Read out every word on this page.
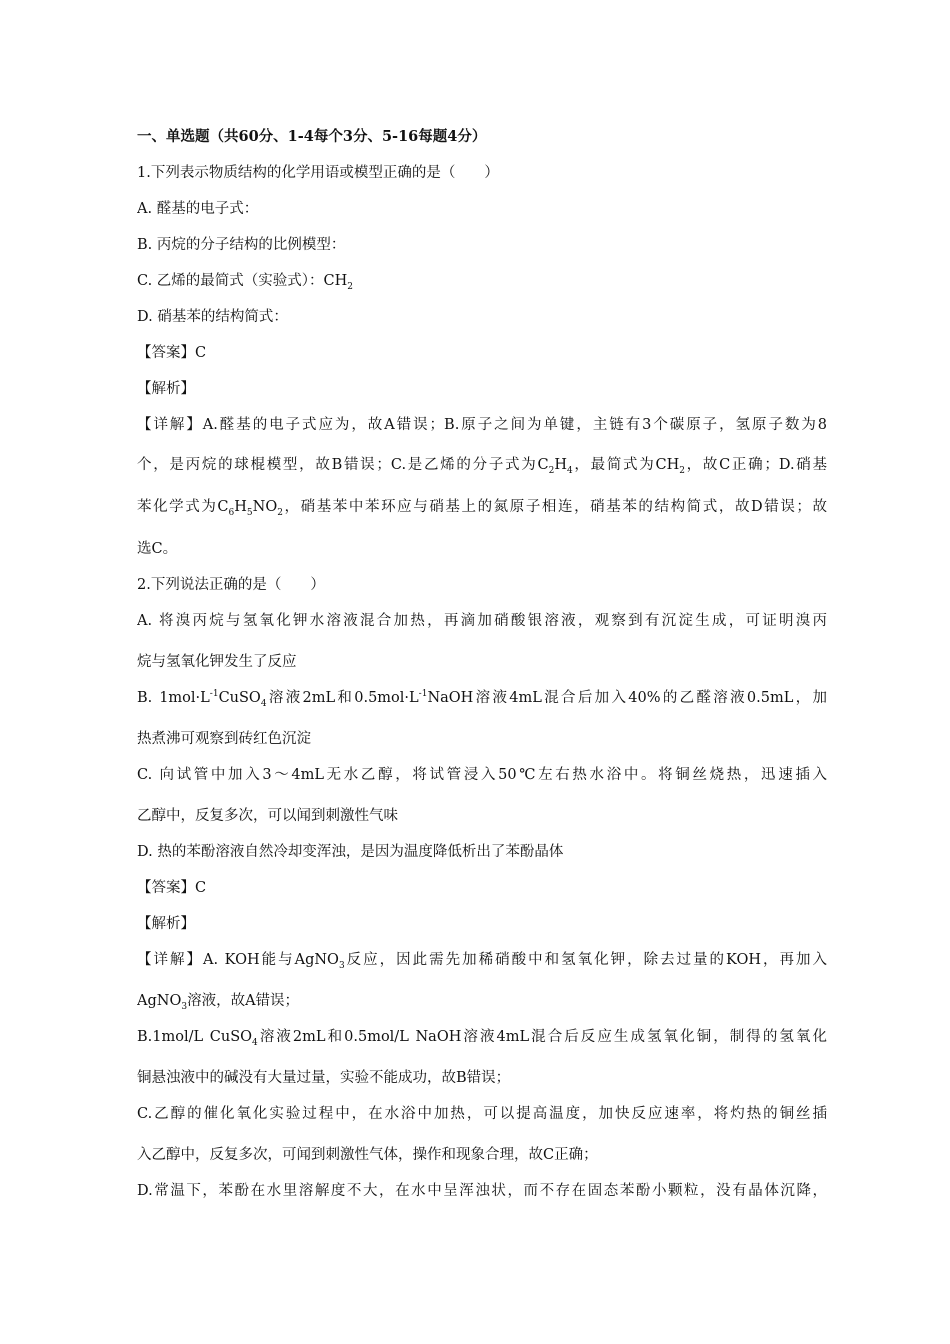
一、单选题（共60分、1-4每个3分、5-16每题4分）
1.下列表示物质结构的化学用语或模型正确的是（　　）
A. 醛基的电子式：
B. 丙烷的分子结构的比例模型：
C. 乙烯的最简式（实验式）：$CH_2$
D. 硝基苯的结构简式：
【答案】C
【解析】
【详解】A.醛基的电子式应为，故A错误；B.原子之间为单键，主链有3个碳原子，氢原子数为8
个，是丙烷的球棍模型，故B错误；C.是乙烯的分子式为$C_2H_4$，最简式为$CH_2$，故C正确；D.硝基
苯化学式为$C_6H_5NO_2$，硝基苯中苯环应与硝基上的氮原子相连，硝基苯的结构简式，故D错误；故
选C。
2.下列说法正确的是（　　）
A. 将溴丙烷与氢氧化钾水溶液混合加热，再滴加硝酸银溶液，观察到有沉淀生成，可证明溴丙
烷与氢氧化钾发生了反应
B. $1mol\cdot L^{-1}CuSO_4$溶液2mL和$0.5mol\cdot L^{-1}NaOH$溶液4mL混合后加入40%的乙醛溶液0.5mL，加
热煮沸可观察到砖红色沉淀
C. 向试管中加入3～4mL无水乙醇，将试管浸入50℃左右热水浴中。将铜丝烧热，迅速插入
乙醇中，反复多次，可以闻到刺激性气味
D. 热的苯酚溶液自然冷却变浑浊，是因为温度降低析出了苯酚晶体
【答案】C
【解析】
【详解】A. KOH能与AgNO$_3$反应，因此需先加稀硝酸中和氢氧化钾，除去过量的KOH，再加入
AgNO$_3$溶液，故A错误；
B.1mol/L CuSO$_4$溶液2mL和0.5mol/L NaOH溶液4mL混合后反应生成氢氧化铜，制得的氢氧化
铜悬浊液中的碱没有大量过量，实验不能成功，故B错误；
C.乙醇的催化氧化实验过程中，在水浴中加热，可以提高温度，加快反应速率，将灼热的铜丝插
入乙醇中，反复多次，可闻到刺激性气体，操作和现象合理，故C正确；
D.常温下，苯酚在水里溶解度不大，在水中呈浑浊状，而不存在固态苯酚小颗粒，没有晶体沉降，
